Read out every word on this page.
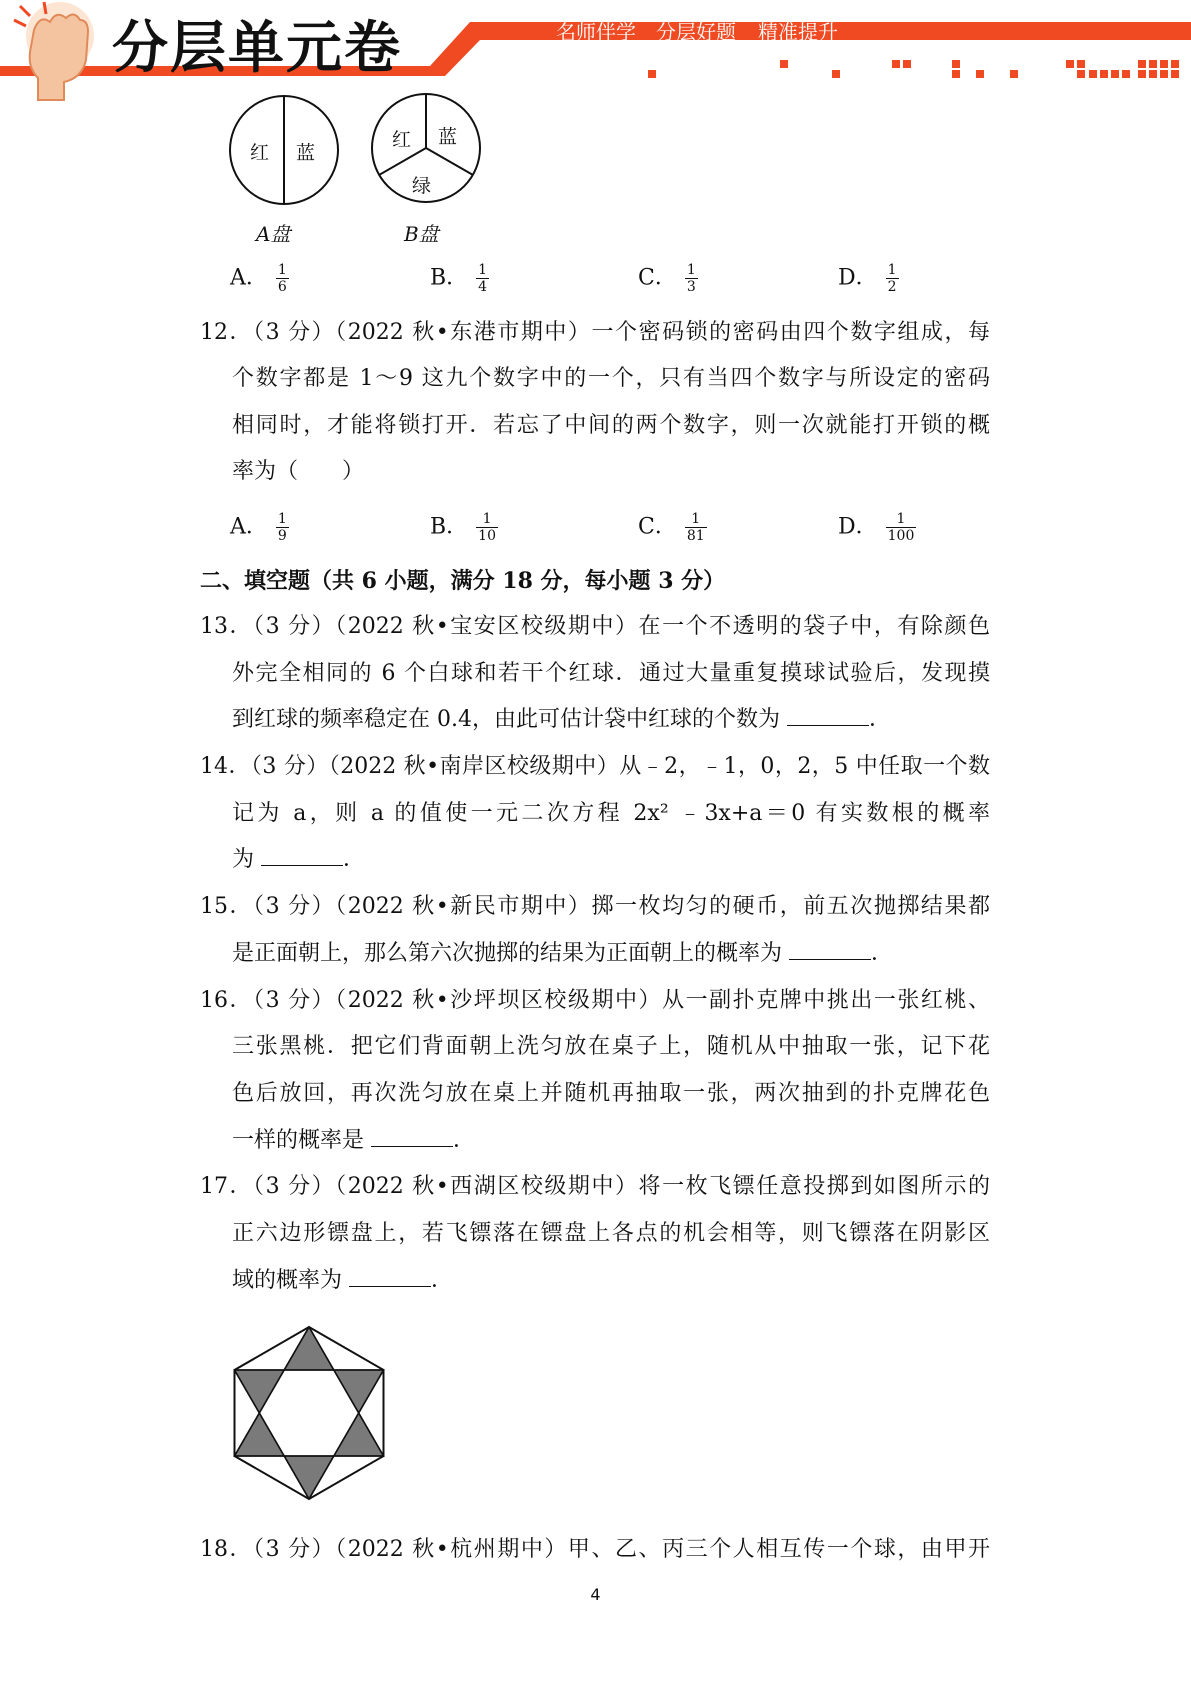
分层单元卷	名师伴学 分层好题 精准提升
红 蓝
红 蓝
绿
A盘	B盘
A． $\frac{1}{6}$	B． $\frac{1}{4}$	C． $\frac{1}{3}$	D． $\frac{1}{2}$
12．（3 分）（2022 秋•东港市期中）一个密码锁的密码由四个数字组成，每
个数字都是 1～9 这九个数字中的一个，只有当四个数字与所设定的密码
相同时，才能将锁打开．若忘了中间的两个数字，则一次就能打开锁的概
率为（　　）
A． $\frac{1}{9}$	B． $\frac{1}{10}$	C． $\frac{1}{81}$	D． $\frac{1}{100}$
二、填空题（共 6 小题，满分 18 分，每小题 3 分）
13．（3 分）（2022 秋•宝安区校级期中）在一个不透明的袋子中，有除颜色
外完全相同的 6 个白球和若干个红球．通过大量重复摸球试验后，发现摸
到红球的频率稳定在 0.4，由此可估计袋中红球的个数为	．
14．（3 分）（2022 秋•南岸区校级期中）从﹣2，﹣1，0，2，5 中任取一个数
记为 a，则 a 的值使一元二次方程 2x² ﹣3x+a＝0 有实数根的概率
为	．
15．（3 分）（2022 秋•新民市期中）掷一枚均匀的硬币，前五次抛掷结果都
是正面朝上，那么第六次抛掷的结果为正面朝上的概率为	．
16．（3 分）（2022 秋•沙坪坝区校级期中）从一副扑克牌中挑出一张红桃、
三张黑桃．把它们背面朝上洗匀放在桌子上，随机从中抽取一张，记下花
色后放回，再次洗匀放在桌上并随机再抽取一张，两次抽到的扑克牌花色
一样的概率是	．
17．（3 分）（2022 秋•西湖区校级期中）将一枚飞镖任意投掷到如图所示的
正六边形镖盘上，若飞镖落在镖盘上各点的机会相等，则飞镖落在阴影区
域的概率为	．
18．（3 分）（2022 秋•杭州期中）甲、乙、丙三个人相互传一个球，由甲开
4
